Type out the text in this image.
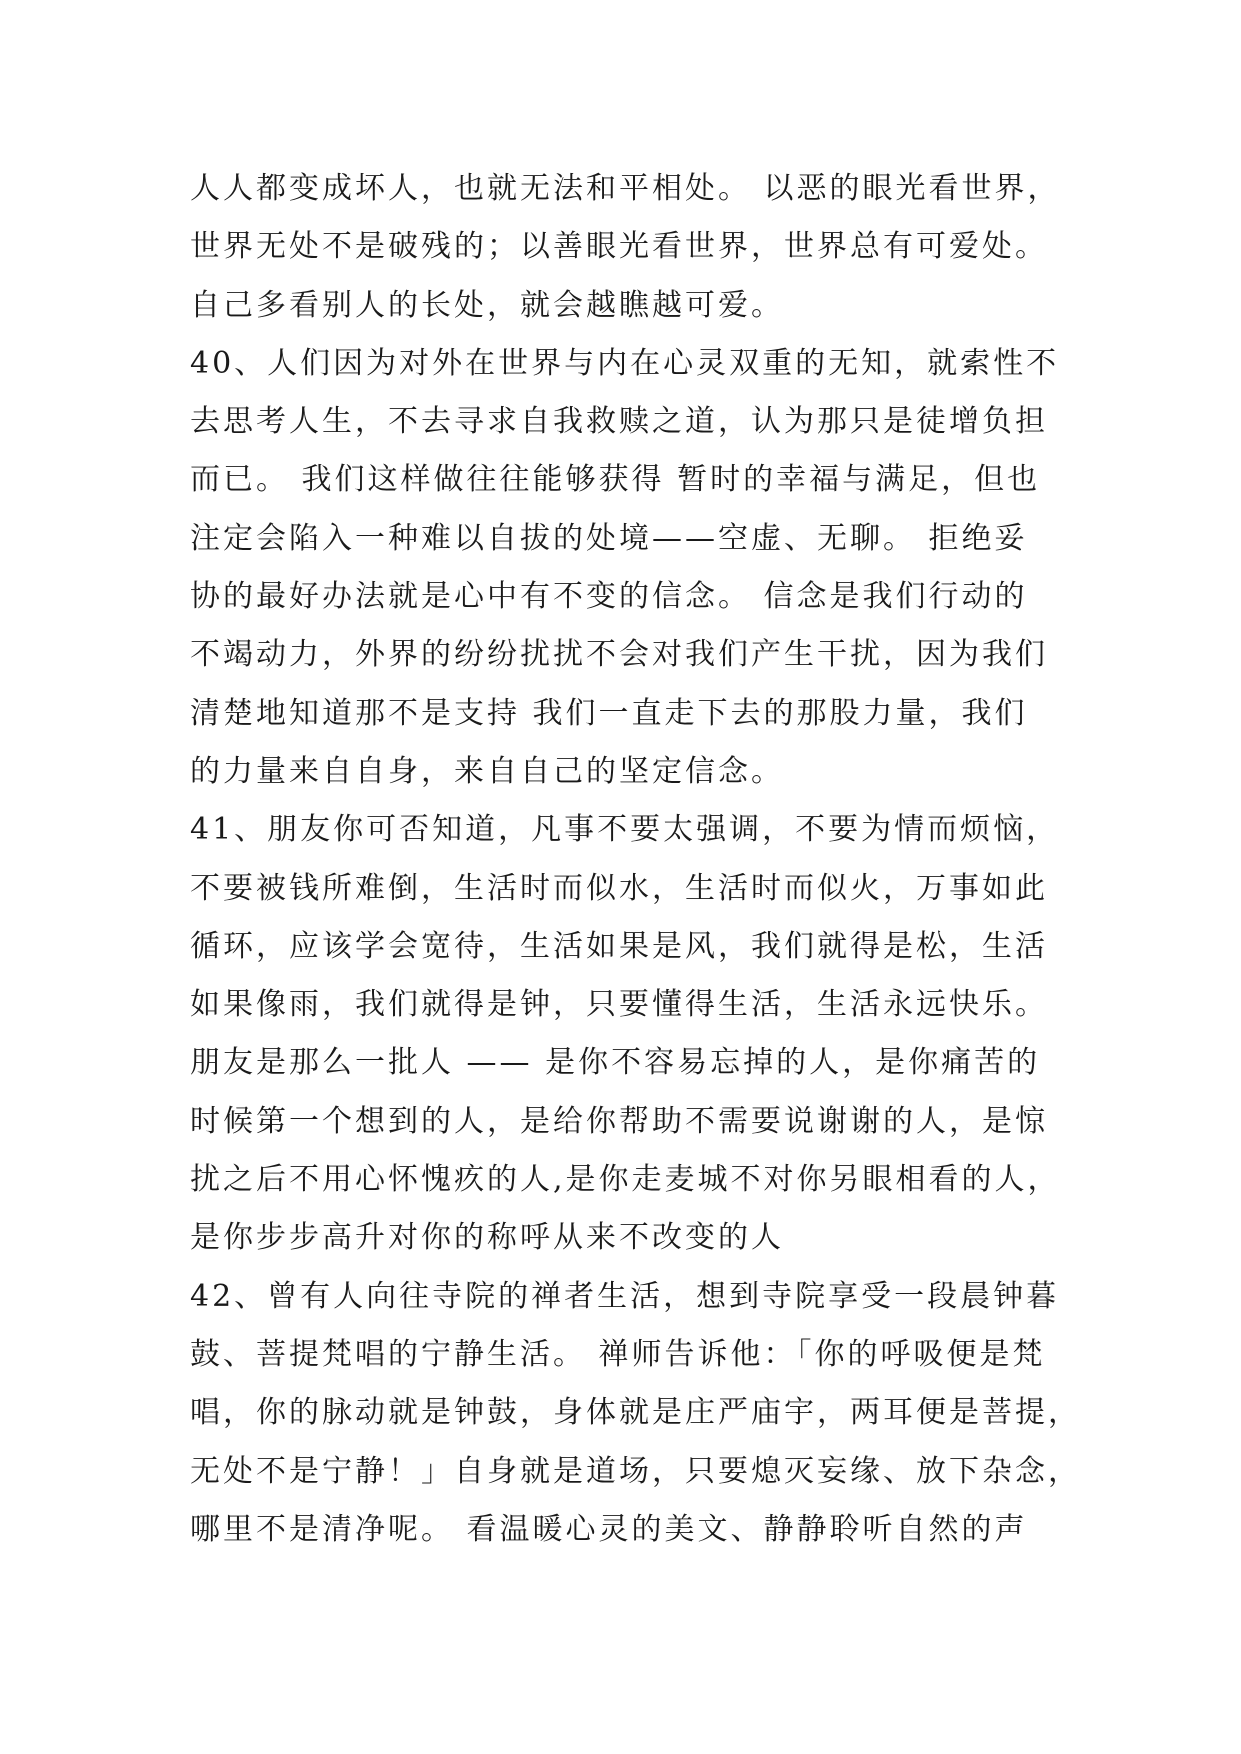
人人都变成坏人，也就无法和平相处。 以恶的眼光看世界，
世界无处不是破残的；以善眼光看世界，世界总有可爱处。
自己多看别人的长处，就会越瞧越可爱。
40、人们因为对外在世界与内在心灵双重的无知，就索性不
去思考人生，不去寻求自我救赎之道，认为那只是徒增负担
而已。 我们这样做往往能够获得 暂时的幸福与满足，但也
注定会陷入一种难以自拔的处境——空虚、无聊。 拒绝妥
协的最好办法就是心中有不变的信念。 信念是我们行动的
不竭动力，外界的纷纷扰扰不会对我们产生干扰，因为我们
清楚地知道那不是支持 我们一直走下去的那股力量，我们
的力量来自自身，来自自己的坚定信念。
41、朋友你可否知道，凡事不要太强调，不要为情而烦恼，
不要被钱所难倒，生活时而似水，生活时而似火，万事如此
循环，应该学会宽待，生活如果是风，我们就得是松，生活
如果像雨，我们就得是钟，只要懂得生活，生活永远快乐。
朋友是那么一批人 —— 是你不容易忘掉的人，是你痛苦的
时候第一个想到的人，是给你帮助不需要说谢谢的人，是惊
扰之后不用心怀愧疚的人,是你走麦城不对你另眼相看的人，
是你步步高升对你的称呼从来不改变的人
42、曾有人向往寺院的禅者生活，想到寺院享受一段晨钟暮
鼓、菩提梵唱的宁静生活。 禅师告诉他：「你的呼吸便是梵
唱，你的脉动就是钟鼓，身体就是庄严庙宇，两耳便是菩提，
无处不是宁静！」自身就是道场，只要熄灭妄缘、放下杂念，
哪里不是清净呢。 看温暖心灵的美文、静静聆听自然的声
